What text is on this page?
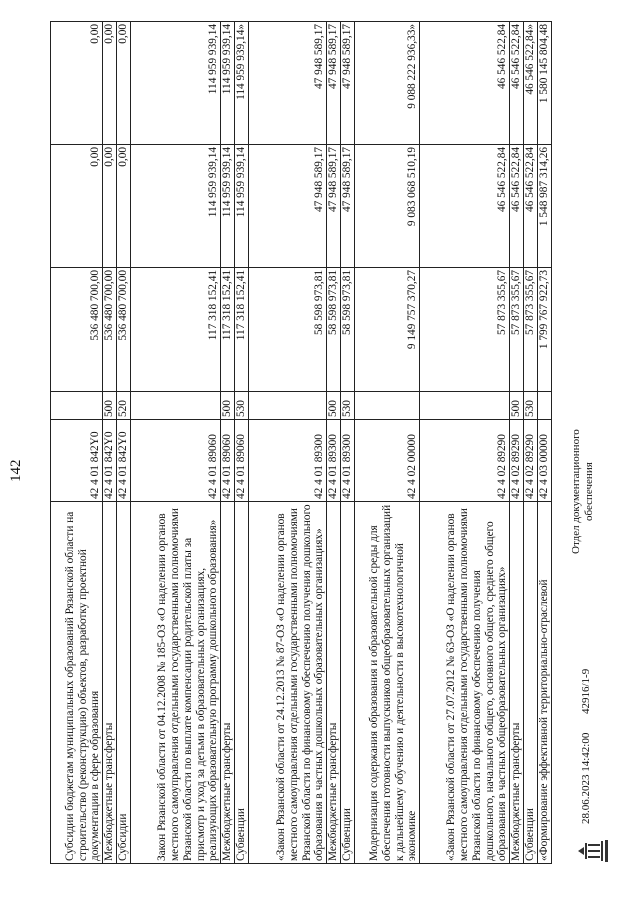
142
Субсидии бюджетам муниципальных образований Рязанской области на строительство (реконструкцию) объектов, разработку проектной документации в сфере образования	42 4 01 842Y0		536 480 700,00	0,00	0,00
Межбюджетные трансферты	42 4 01 842Y0	500	536 480 700,00	0,00	0,00
Субсидии	42 4 01 842Y0	520	536 480 700,00	0,00	0,00
Закон Рязанской области от 04.12.2008 № 185-ОЗ «О наделении органов местного самоуправления отдельными государственными полномочиями Рязанской области по выплате компенсации родительской платы за присмотр и уход за детьми в образовательных организациях, реализующих образовательную программу дошкольного образования»	42 4 01 89060		117 318 152,41	114 959 939,14	114 959 939,14
Межбюджетные трансферты	42 4 01 89060	500	117 318 152,41	114 959 939,14	114 959 939,14
Субвенции	42 4 01 89060	530	117 318 152,41	114 959 939,14	114 959 939,14»
«Закон Рязанской области от 24.12.2013 № 87-ОЗ «О наделении органов местного самоуправления отдельными государственными полномочиями Рязанской области по финансовому обеспечению получения дошкольного образования в частных дошкольных образовательных организациях»	42 4 01 89300		58 598 973,81	47 948 589,17	47 948 589,17
Межбюджетные трансферты	42 4 01 89300	500	58 598 973,81	47 948 589,17	47 948 589,17
Субвенции	42 4 01 89300	530	58 598 973,81	47 948 589,17	47 948 589,17
Модернизация содержания образования и образовательной среды для обеспечения готовности выпускников общеобразовательных организаций к дальнейшему обучению и деятельности в высокотехнологичной экономике	42 4 02 00000		9 149 757 370,27	9 083 068 510,19	9 088 222 936,33»
«Закон Рязанской области от 27.07.2012 № 63-ОЗ «О наделении органов местного самоуправления отдельными государственными полномочиями Рязанской области по финансовому обеспечению получения дошкольного, начального общего, основного общего, среднего общего образования в частных общеобразовательных организациях»	42 4 02 89290		57 873 355,67	46 546 522,84	46 546 522,84
Межбюджетные трансферты	42 4 02 89290	500	57 873 355,67	46 546 522,84	46 546 522,84
Субвенции	42 4 02 89290	530	57 873 355,67	46 546 522,84	46 546 522,84»
«Формирование эффективной территориально-отраслевой	42 4 03 00000		1 799 767 922,73	1 548 987 314,26	1 580 145 804,48
28.06.2023 14:42:00
42916/1-9
Отдел документационного обеспечения
